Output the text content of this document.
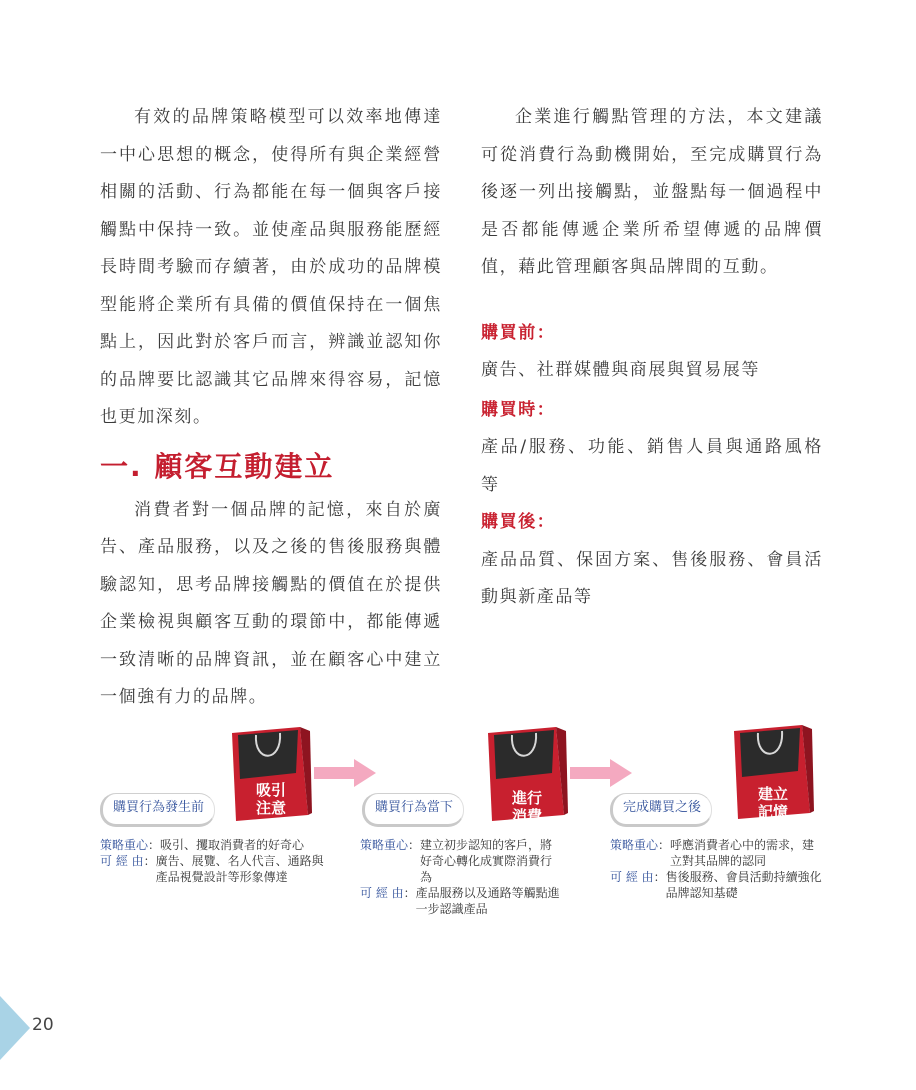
有效的品牌策略模型可以效率地傳達一中心思想的概念，使得所有與企業經營相關的活動、行為都能在每一個與客戶接觸點中保持一致。並使產品與服務能歷經長時間考驗而存續著，由於成功的品牌模型能將企業所有具備的價值保持在一個焦點上，因此對於客戶而言，辨識並認知你的品牌要比認識其它品牌來得容易，記憶也更加深刻。

一. 顧客互動建立

消費者對一個品牌的記憶，來自於廣告、產品服務，以及之後的售後服務與體驗認知，思考品牌接觸點的價值在於提供企業檢視與顧客互動的環節中，都能傳遞一致清晰的品牌資訊，並在顧客心中建立一個強有力的品牌。

企業進行觸點管理的方法，本文建議可從消費行為動機開始，至完成購買行為後逐一列出接觸點，並盤點每一個過程中是否都能傳遞企業所希望傳遞的品牌價值，藉此管理顧客與品牌間的互動。

購買前：

廣告、社群媒體與商展與貿易展等

購買時：

產品/服務、功能、銷售人員與通路風格等

購買後：

產品品質、保固方案、售後服務、會員活動與新產品等

吸引
注意
進行
消費
建立
記憶
購買行為發生前	購買行為當下	完成購買之後
策略重心 ： 吸引、攫取消費者的好奇心
可 經 由 ： 廣告、展覽、名人代言、通路與產品視覺設計等形象傳達
策略重心 ： 建立初步認知的客戶，將好奇心轉化成實際消費行為
可 經 由 ： 產品服務以及通路等觸點進一步認識產品
策略重心 ： 呼應消費者心中的需求，建立對其品牌的認同
可 經 由 ： 售後服務、會員活動持續強化品牌認知基礎
20
